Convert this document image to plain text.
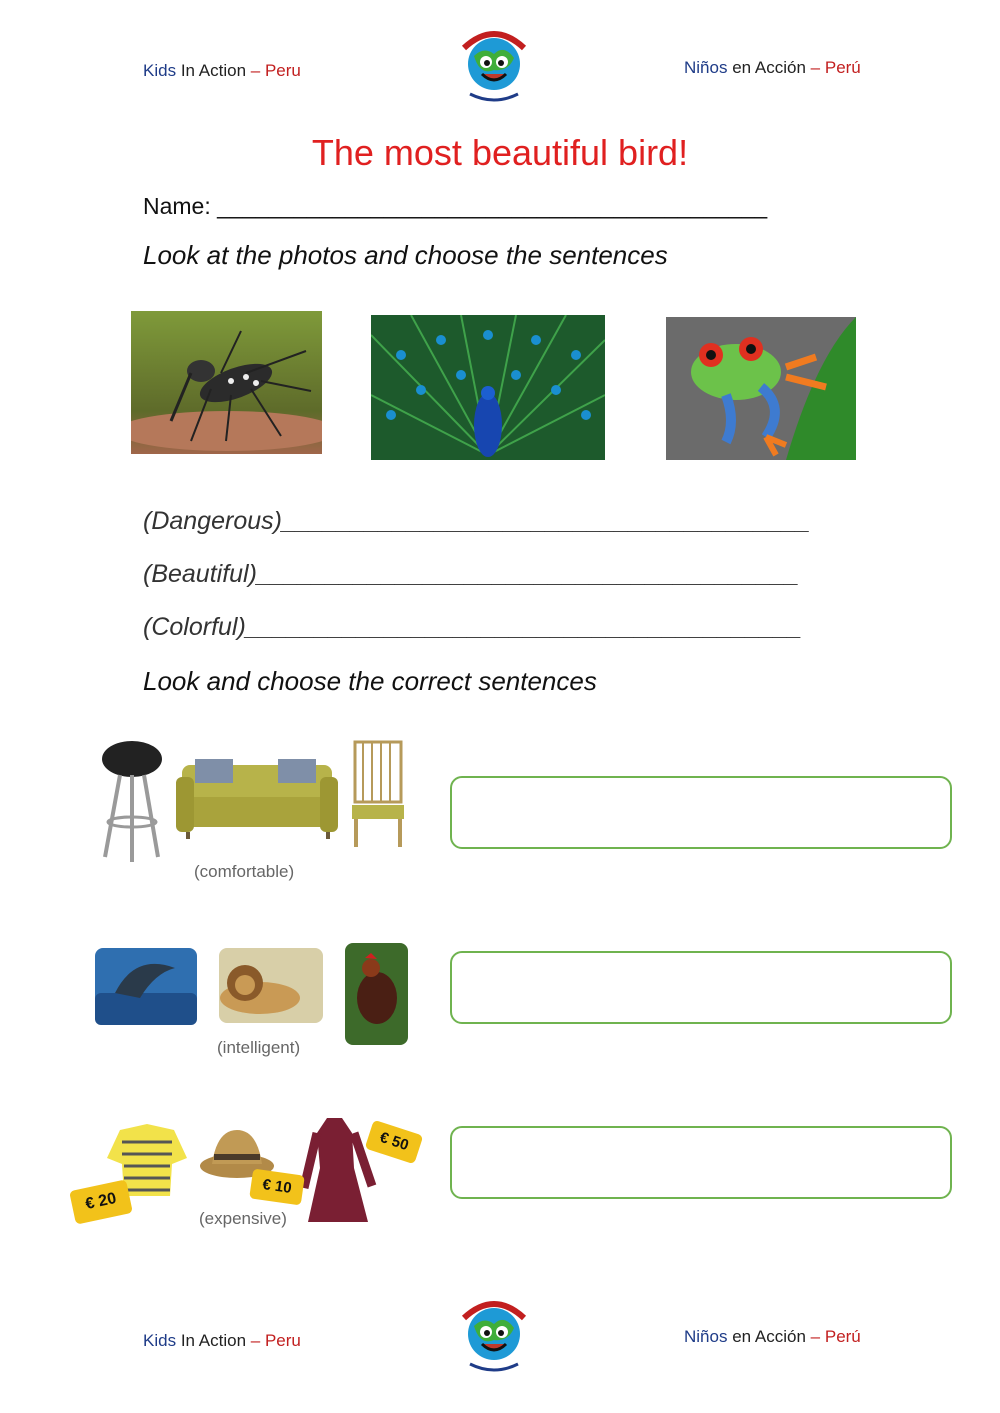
Kids In Action – Peru	Niños en Acción – Perú
The most beautiful bird!
Name: ___________________________________________
Look at the photos and choose the sentences
(Dangerous)______________________________________
(Beautiful)_______________________________________
(Colorful)________________________________________
Look and choose the correct sentences
(comfortable)
(intelligent)
€ 20
€ 10
€ 50
(expensive)
Kids In Action – Peru	Niños en Acción – Perú
